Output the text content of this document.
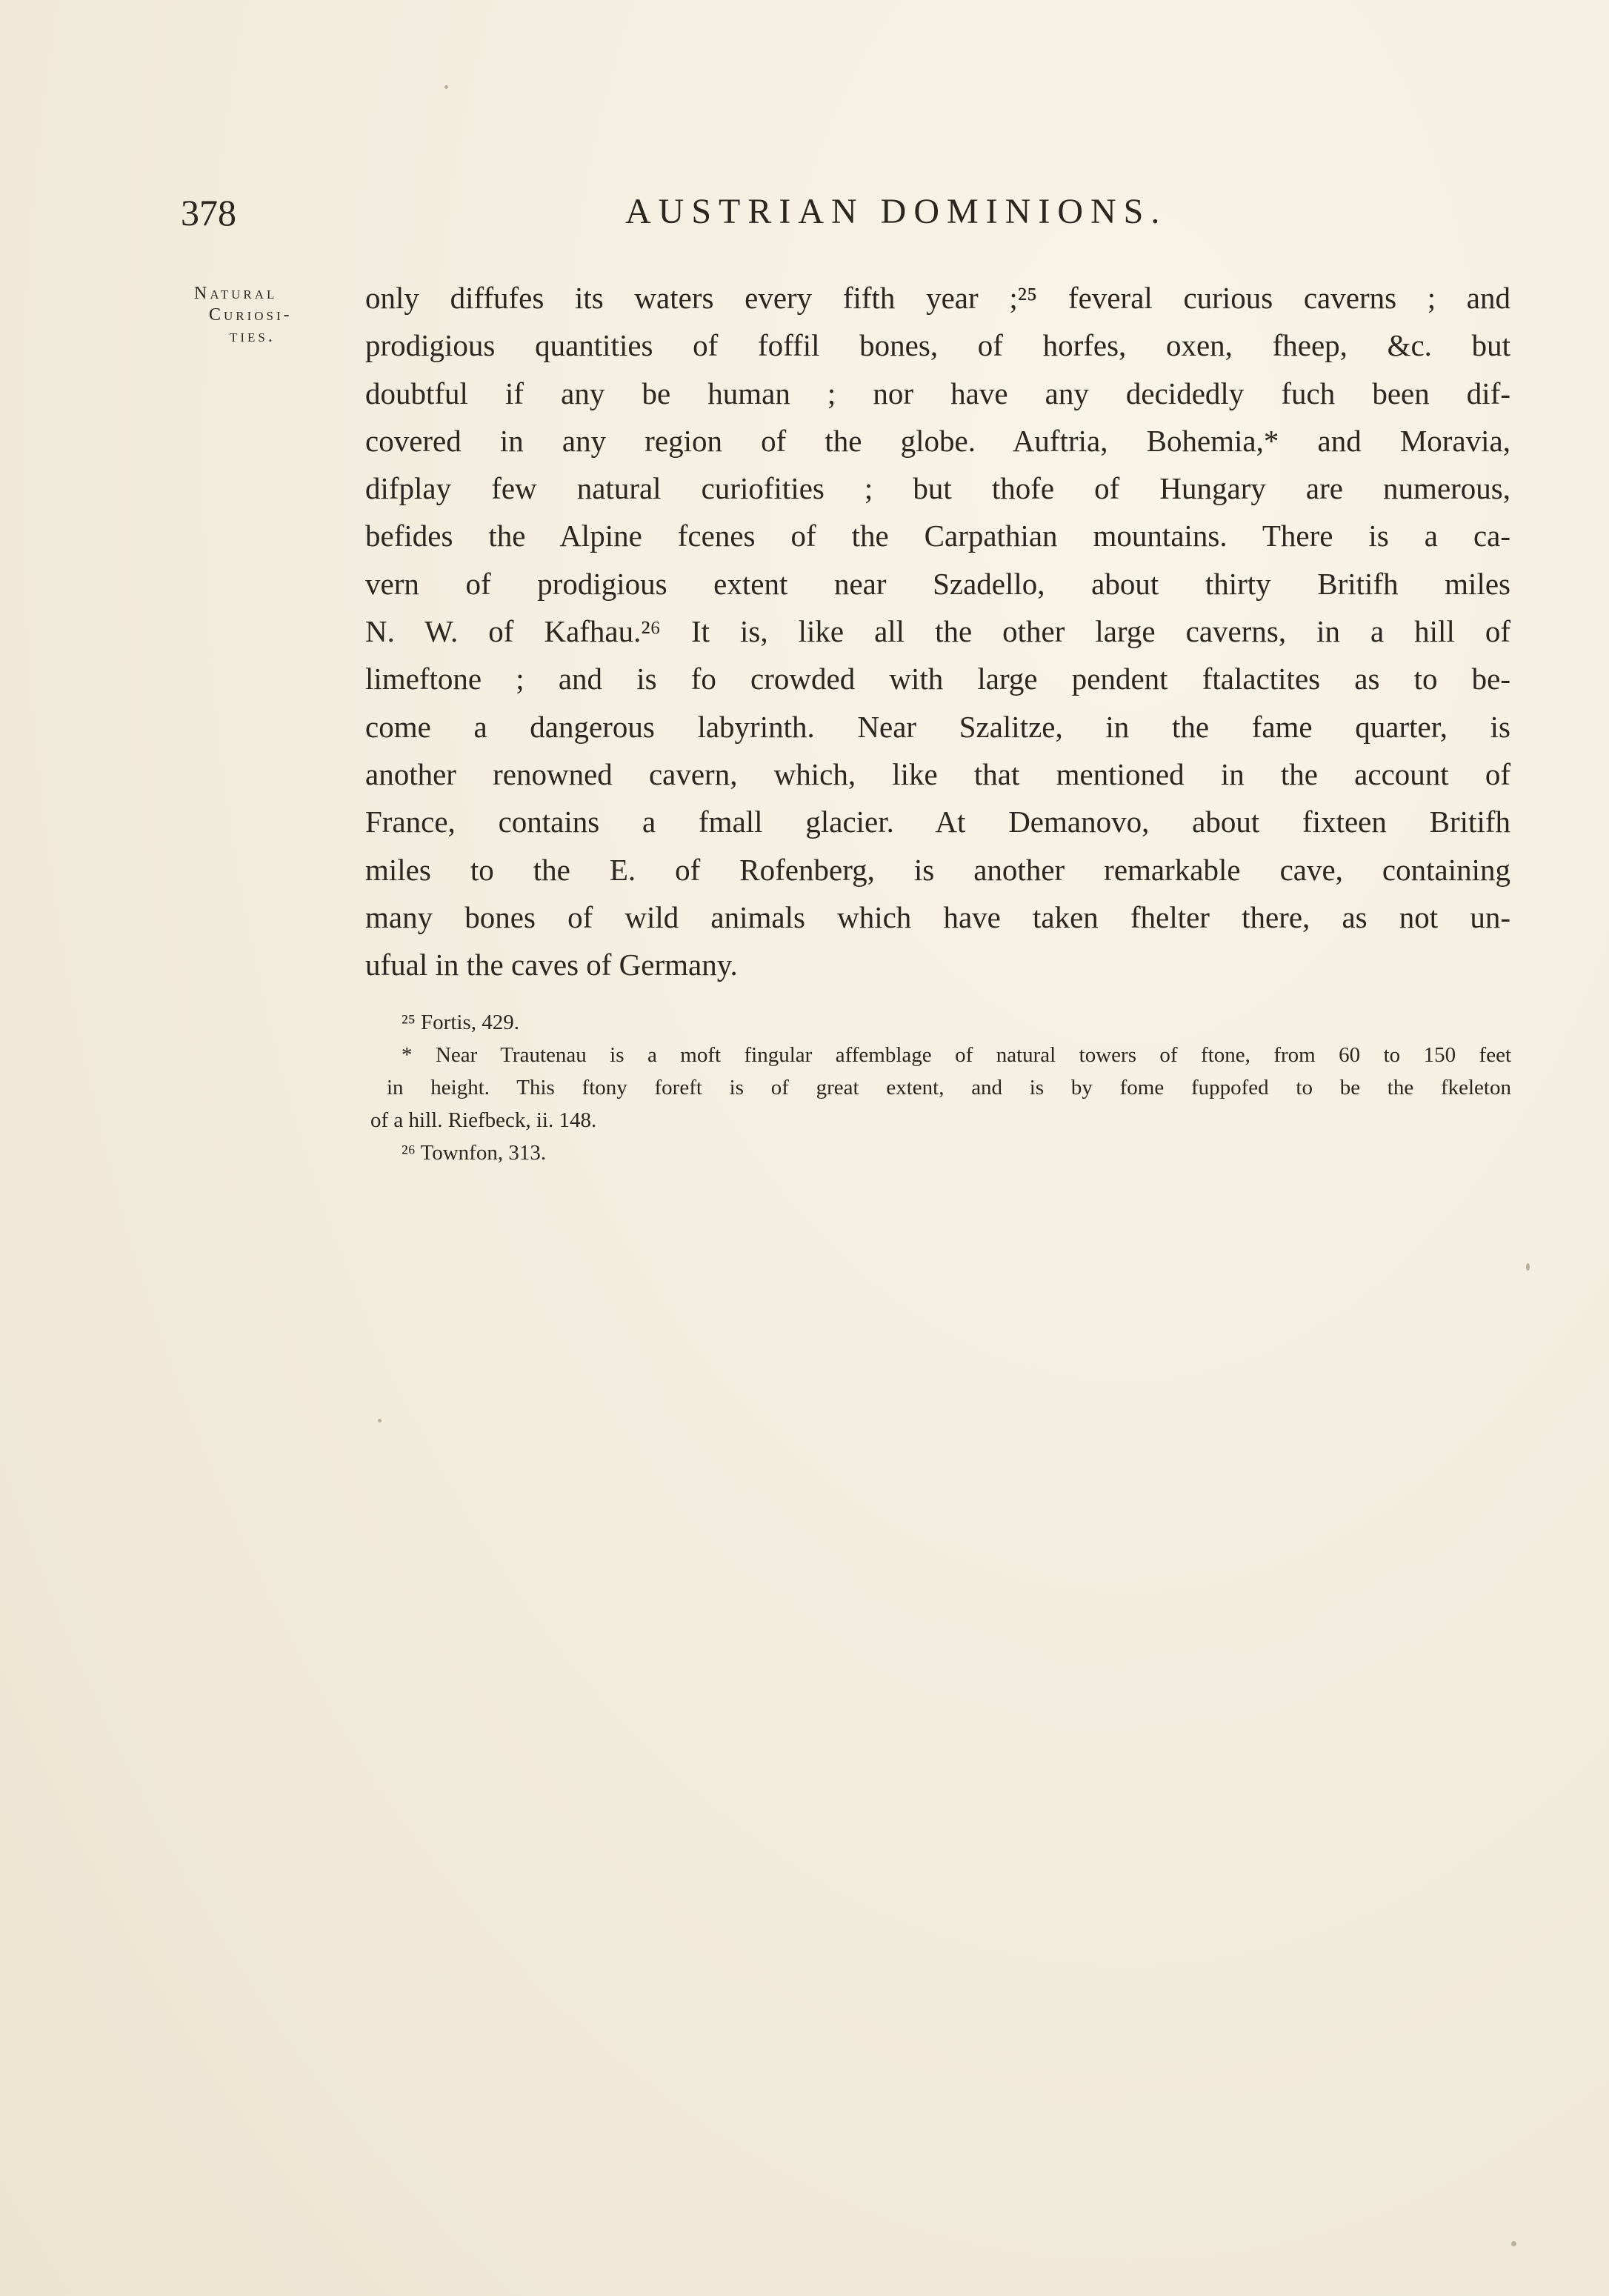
378	AUSTRIAN DOMINIONS.
Natural
Curiosi-
ties.
only diffufes its waters every fifth year ;²⁵ feveral curious caverns ; and
prodigious quantities of foffil bones, of horfes, oxen, fheep, &c. but
doubtful if any be human ; nor have any decidedly fuch been dif-
covered in any region of the globe. Auftria, Bohemia,* and Moravia,
difplay few natural curiofities ; but thofe of Hungary are numerous,
befides the Alpine fcenes of the Carpathian mountains. There is a ca-
vern of prodigious extent near Szadello, about thirty Britifh miles
N. W. of Kafhau.²⁶ It is, like all the other large caverns, in a hill of
limeftone ; and is fo crowded with large pendent ftalactites as to be-
come a dangerous labyrinth. Near Szalitze, in the fame quarter, is
another renowned cavern, which, like that mentioned in the account of
France, contains a fmall glacier. At Demanovo, about fixteen Britifh
miles to the E. of Rofenberg, is another remarkable cave, containing
many bones of wild animals which have taken fhelter there, as not un-
ufual in the caves of Germany.
²⁵ Fortis, 429.
* Near Trautenau is a moft fingular affemblage of natural towers of ftone, from 60 to 150 feet
in height. This ftony foreft is of great extent, and is by fome fuppofed to be the fkeleton
of a hill. Riefbeck, ii. 148.
²⁶ Townfon, 313.
